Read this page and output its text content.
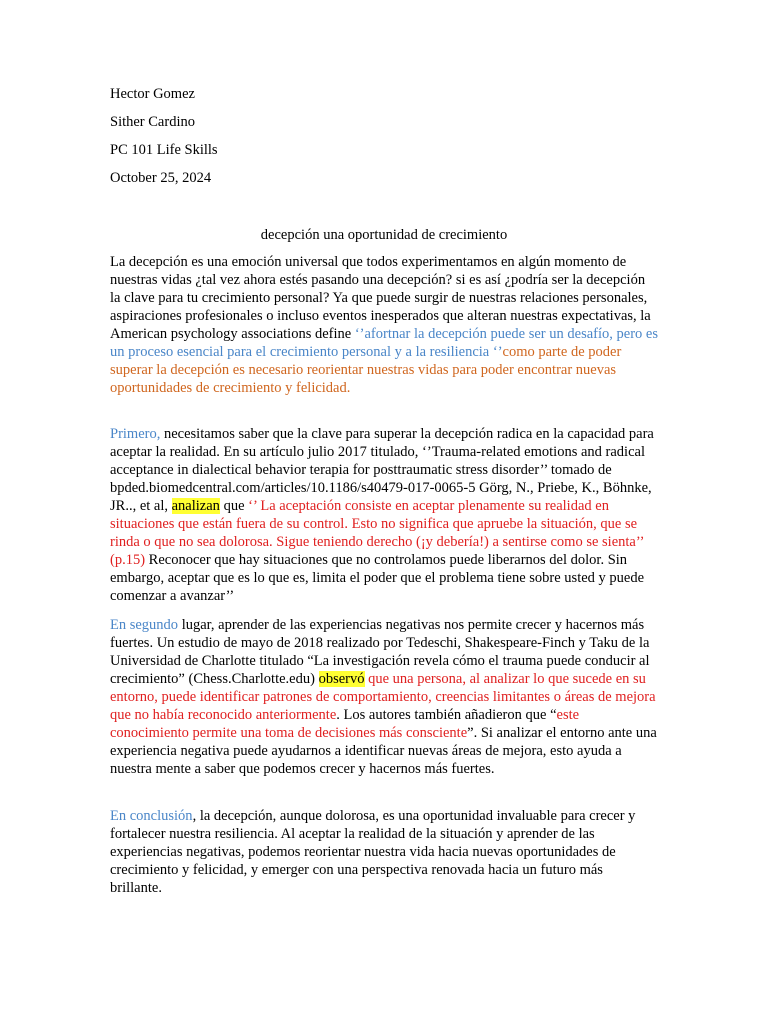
Hector Gomez
Sither Cardino
PC 101 Life Skills
October 25, 2024
decepción una oportunidad de crecimiento
La decepción es una emoción universal que todos experimentamos en algún momento de nuestras vidas ¿tal vez ahora estés pasando una decepción? si es así ¿podría ser la decepción la clave para tu crecimiento personal? Ya que puede surgir de nuestras relaciones personales, aspiraciones profesionales o incluso eventos inesperados que alteran nuestras expectativas, la American psychology associations define ‘’afortnar la decepción puede ser un desafío, pero es un proceso esencial para el crecimiento personal y a la resiliencia ‘’como parte de poder superar la decepción es necesario reorientar nuestras vidas para poder encontrar nuevas oportunidades de crecimiento y felicidad.
Primero, necesitamos saber que la clave para superar la decepción radica en la capacidad para aceptar la realidad. En su artículo julio 2017 titulado, ‘’Trauma-related emotions and radical acceptance in dialectical behavior terapia for posttraumatic stress disorder’’ tomado de bpded.biomedcentral.com/articles/10.1186/s40479-017-0065-5 Görg, N., Priebe, K., Böhnke, JR.., et al, analizan que ‘’ La aceptación consiste en aceptar plenamente su realidad en situaciones que están fuera de su control. Esto no significa que apruebe la situación, que se rinda o que no sea dolorosa. Sigue teniendo derecho (¡y debería!) a sentirse como se sienta’’ (p.15) Reconocer que hay situaciones que no controlamos puede liberarnos del dolor. Sin embargo, aceptar que es lo que es, limita el poder que el problema tiene sobre usted y puede comenzar a avanzar’’
En segundo lugar, aprender de las experiencias negativas nos permite crecer y hacernos más fuertes. Un estudio de mayo de 2018 realizado por Tedeschi, Shakespeare-Finch y Taku de la Universidad de Charlotte titulado “La investigación revela cómo el trauma puede conducir al crecimiento” (Chess.Charlotte.edu) observó que una persona, al analizar lo que sucede en su entorno, puede identificar patrones de comportamiento, creencias limitantes o áreas de mejora que no había reconocido anteriormente. Los autores también añadieron que “este conocimiento permite una toma de decisiones más consciente”. Si analizar el entorno ante una experiencia negativa puede ayudarnos a identificar nuevas áreas de mejora, esto ayuda a nuestra mente a saber que podemos crecer y hacernos más fuertes.
En conclusión, la decepción, aunque dolorosa, es una oportunidad invaluable para crecer y fortalecer nuestra resiliencia. Al aceptar la realidad de la situación y aprender de las experiencias negativas, podemos reorientar nuestra vida hacia nuevas oportunidades de crecimiento y felicidad, y emerger con una perspectiva renovada hacia un futuro más brillante.
